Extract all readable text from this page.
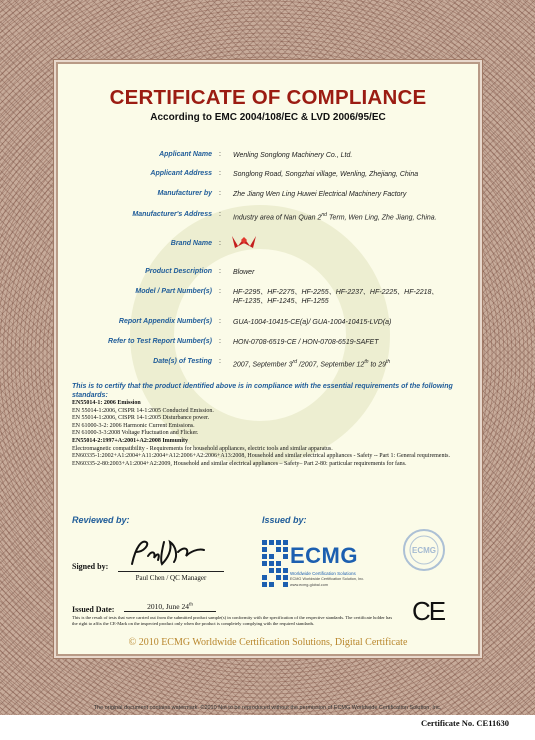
CERTIFICATE OF COMPLIANCE
According to EMC 2004/108/EC & LVD 2006/95/EC
Applicant Name : Wenling Songlong Machinery Co., Ltd.
Applicant Address : Songlong Road, Songzhai village, Wenling, Zhejiang, China
Manufacturer by : Zhe Jiang Wen Ling Huwei Electrical Machinery Factory
Manufacturer's Address : Industry area of Nan Quan 2nd Term, Wen Ling, Zhe Jiang, China.
Brand Name :
Product Description : Blower
Model / Part Number(s) : HF-2295、HF-2275、HF-2255、HF-2237、HF-2225、HF-2218、HF-1235、HF-1245、HF-1255
Report Appendix Number(s) : GUA-1004-10415-CE(a)/ GUA-1004-10415-LVD(a)
Refer to Test Report Number(s) : HON-0708-6519-CE / HON-0708-6519-SAFET
Date(s) of Testing : 2007, September 3rd /2007, September 12th to 29th
This is to certify that the product identified above is in compliance with the essential requirements of the following standards:
EN55014-1: 2006 Emission
EN 55014-1:2006, CISPR 14-1:2005 Conducted Emission.
EN 55014-1:2006, CISPR 14-1:2005 Disturbance power.
EN 61000-3-2: 2006 Harmonic Current Emissions.
EN 61000-3-3:2008 Voltage Fluctuation and Flicker.
EN55014-2:1997+A:2001+A2:2008 Immunity
Electromagnetic compatibility - Requirements for household appliances, electric tools and similar apparatus.
EN60335-1:2002+A1:2004+A11:2004+A12:2006+A2:2006+A13:2008, Household and similar electrical appliances - Safety -- Part 1: General requirements.
EN60335-2-80:2003+A1:2004+A2:2009, Household and similar electrical appliances – Safety– Part 2-80: particular requirements for fans.
Reviewed by:	Issued by:
Signed by:
Paul Chen / QC Manager
ECMG
Worldwide Certification Solutions
ECMG Worldwide Certification Solution, Inc.
www.ecmg-global.com
ECMG
Issued Date:	2010, June 24th
This is the result of tests that were carried out from the submitted product sample(s) in conformity with the specification of the respective standards. The certificate holder has the right to affix the CE-Mark on the inspected product only when the product is completely complying with the required standards.	CE
© 2010 ECMG Worldwide Certification Solutions, Digital Certificate
The original document contains watermark. ©2010 Not to be reproduced without the permission of ECMG Worldwide Certification Solution, Inc.
Certificate No. CE11630
